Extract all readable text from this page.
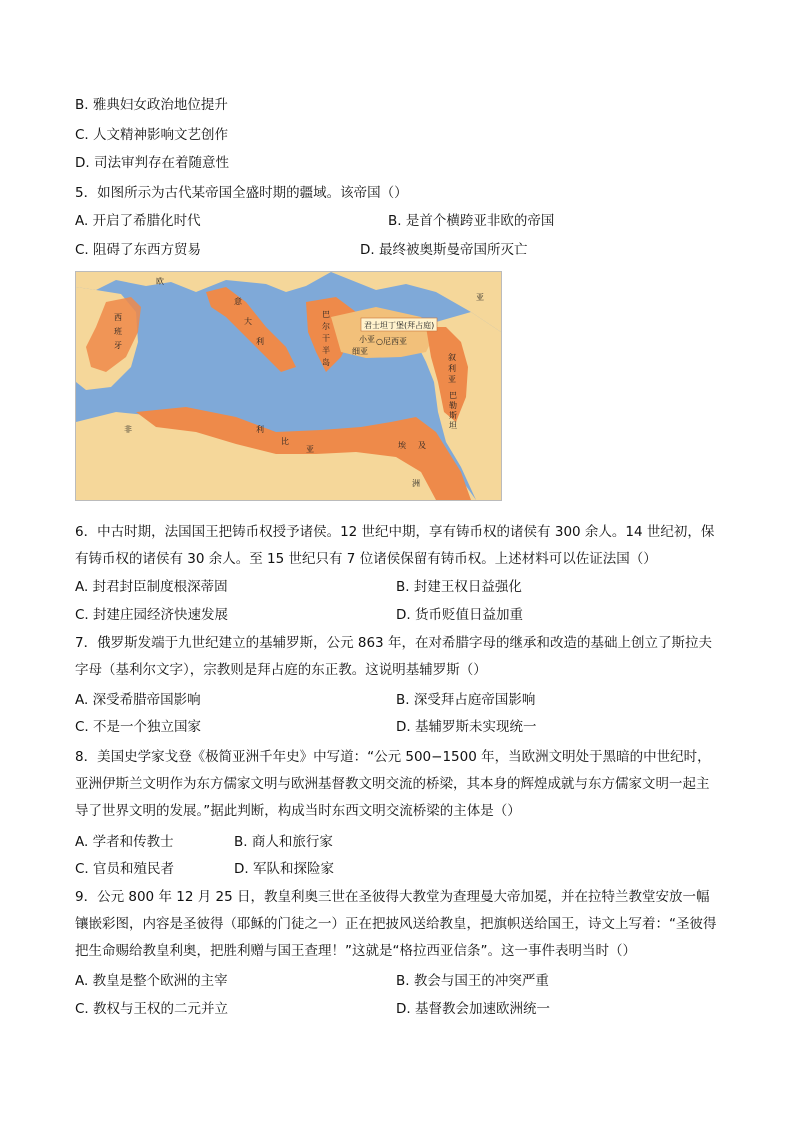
B. 雅典妇女政治地位提升
C. 人文精神影响文艺创作
D. 司法审判存在着随意性
5．如图所示为古代某帝国全盛时期的疆域。该帝国（）
A. 开启了希腊化时代	B. 是首个横跨亚非欧的帝国
C. 阻碍了东西方贸易	D. 最终被奥斯曼帝国所灭亡
欧
西
班
牙
意
大
利
巴
尔
干
半
岛
君士坦丁堡(拜占庭)
○尼西亚
小 亚
细 亚
叙
利
亚
巴
勒
斯
坦
非	利
比
亚	埃 及
洲
亚
6．中古时期，法国国王把铸币权授予诸侯。12 世纪中期，享有铸币权的诸侯有 300 余人。14 世纪初，保有铸币权的诸侯有 30 余人。至 15 世纪只有 7 位诸侯保留有铸币权。上述材料可以佐证法国（）
A. 封君封臣制度根深蒂固	B. 封建王权日益强化
C. 封建庄园经济快速发展	D. 货币贬值日益加重
7．俄罗斯发端于九世纪建立的基辅罗斯，公元 863 年，在对希腊字母的继承和改造的基础上创立了斯拉夫字母（基利尔文字），宗教则是拜占庭的东正教。这说明基辅罗斯（）
A. 深受希腊帝国影响	B. 深受拜占庭帝国影响
C. 不是一个独立国家	D. 基辅罗斯未实现统一
8．美国史学家戈登《极简亚洲千年史》中写道：“公元 500−1500 年，当欧洲文明处于黑暗的中世纪时，亚洲伊斯兰文明作为东方儒家文明与欧洲基督教文明交流的桥梁，其本身的辉煌成就与东方儒家文明一起主导了世界文明的发展。”据此判断，构成当时东西文明交流桥梁的主体是（）
A. 学者和传教士	B. 商人和旅行家
C. 官员和殖民者	D. 军队和探险家
9．公元 800 年 12 月 25 日，教皇利奥三世在圣彼得大教堂为查理曼大帝加冕，并在拉特兰教堂安放一幅镶嵌彩图，内容是圣彼得（耶稣的门徒之一）正在把披风送给教皇，把旗帜送给国王，诗文上写着：“圣彼得把生命赐给教皇利奥，把胜利赠与国王查理！”这就是“格拉西亚信条”。这一事件表明当时（）
A. 教皇是整个欧洲的主宰	B. 教会与国王的冲突严重
C. 教权与王权的二元并立	D. 基督教会加速欧洲统一
